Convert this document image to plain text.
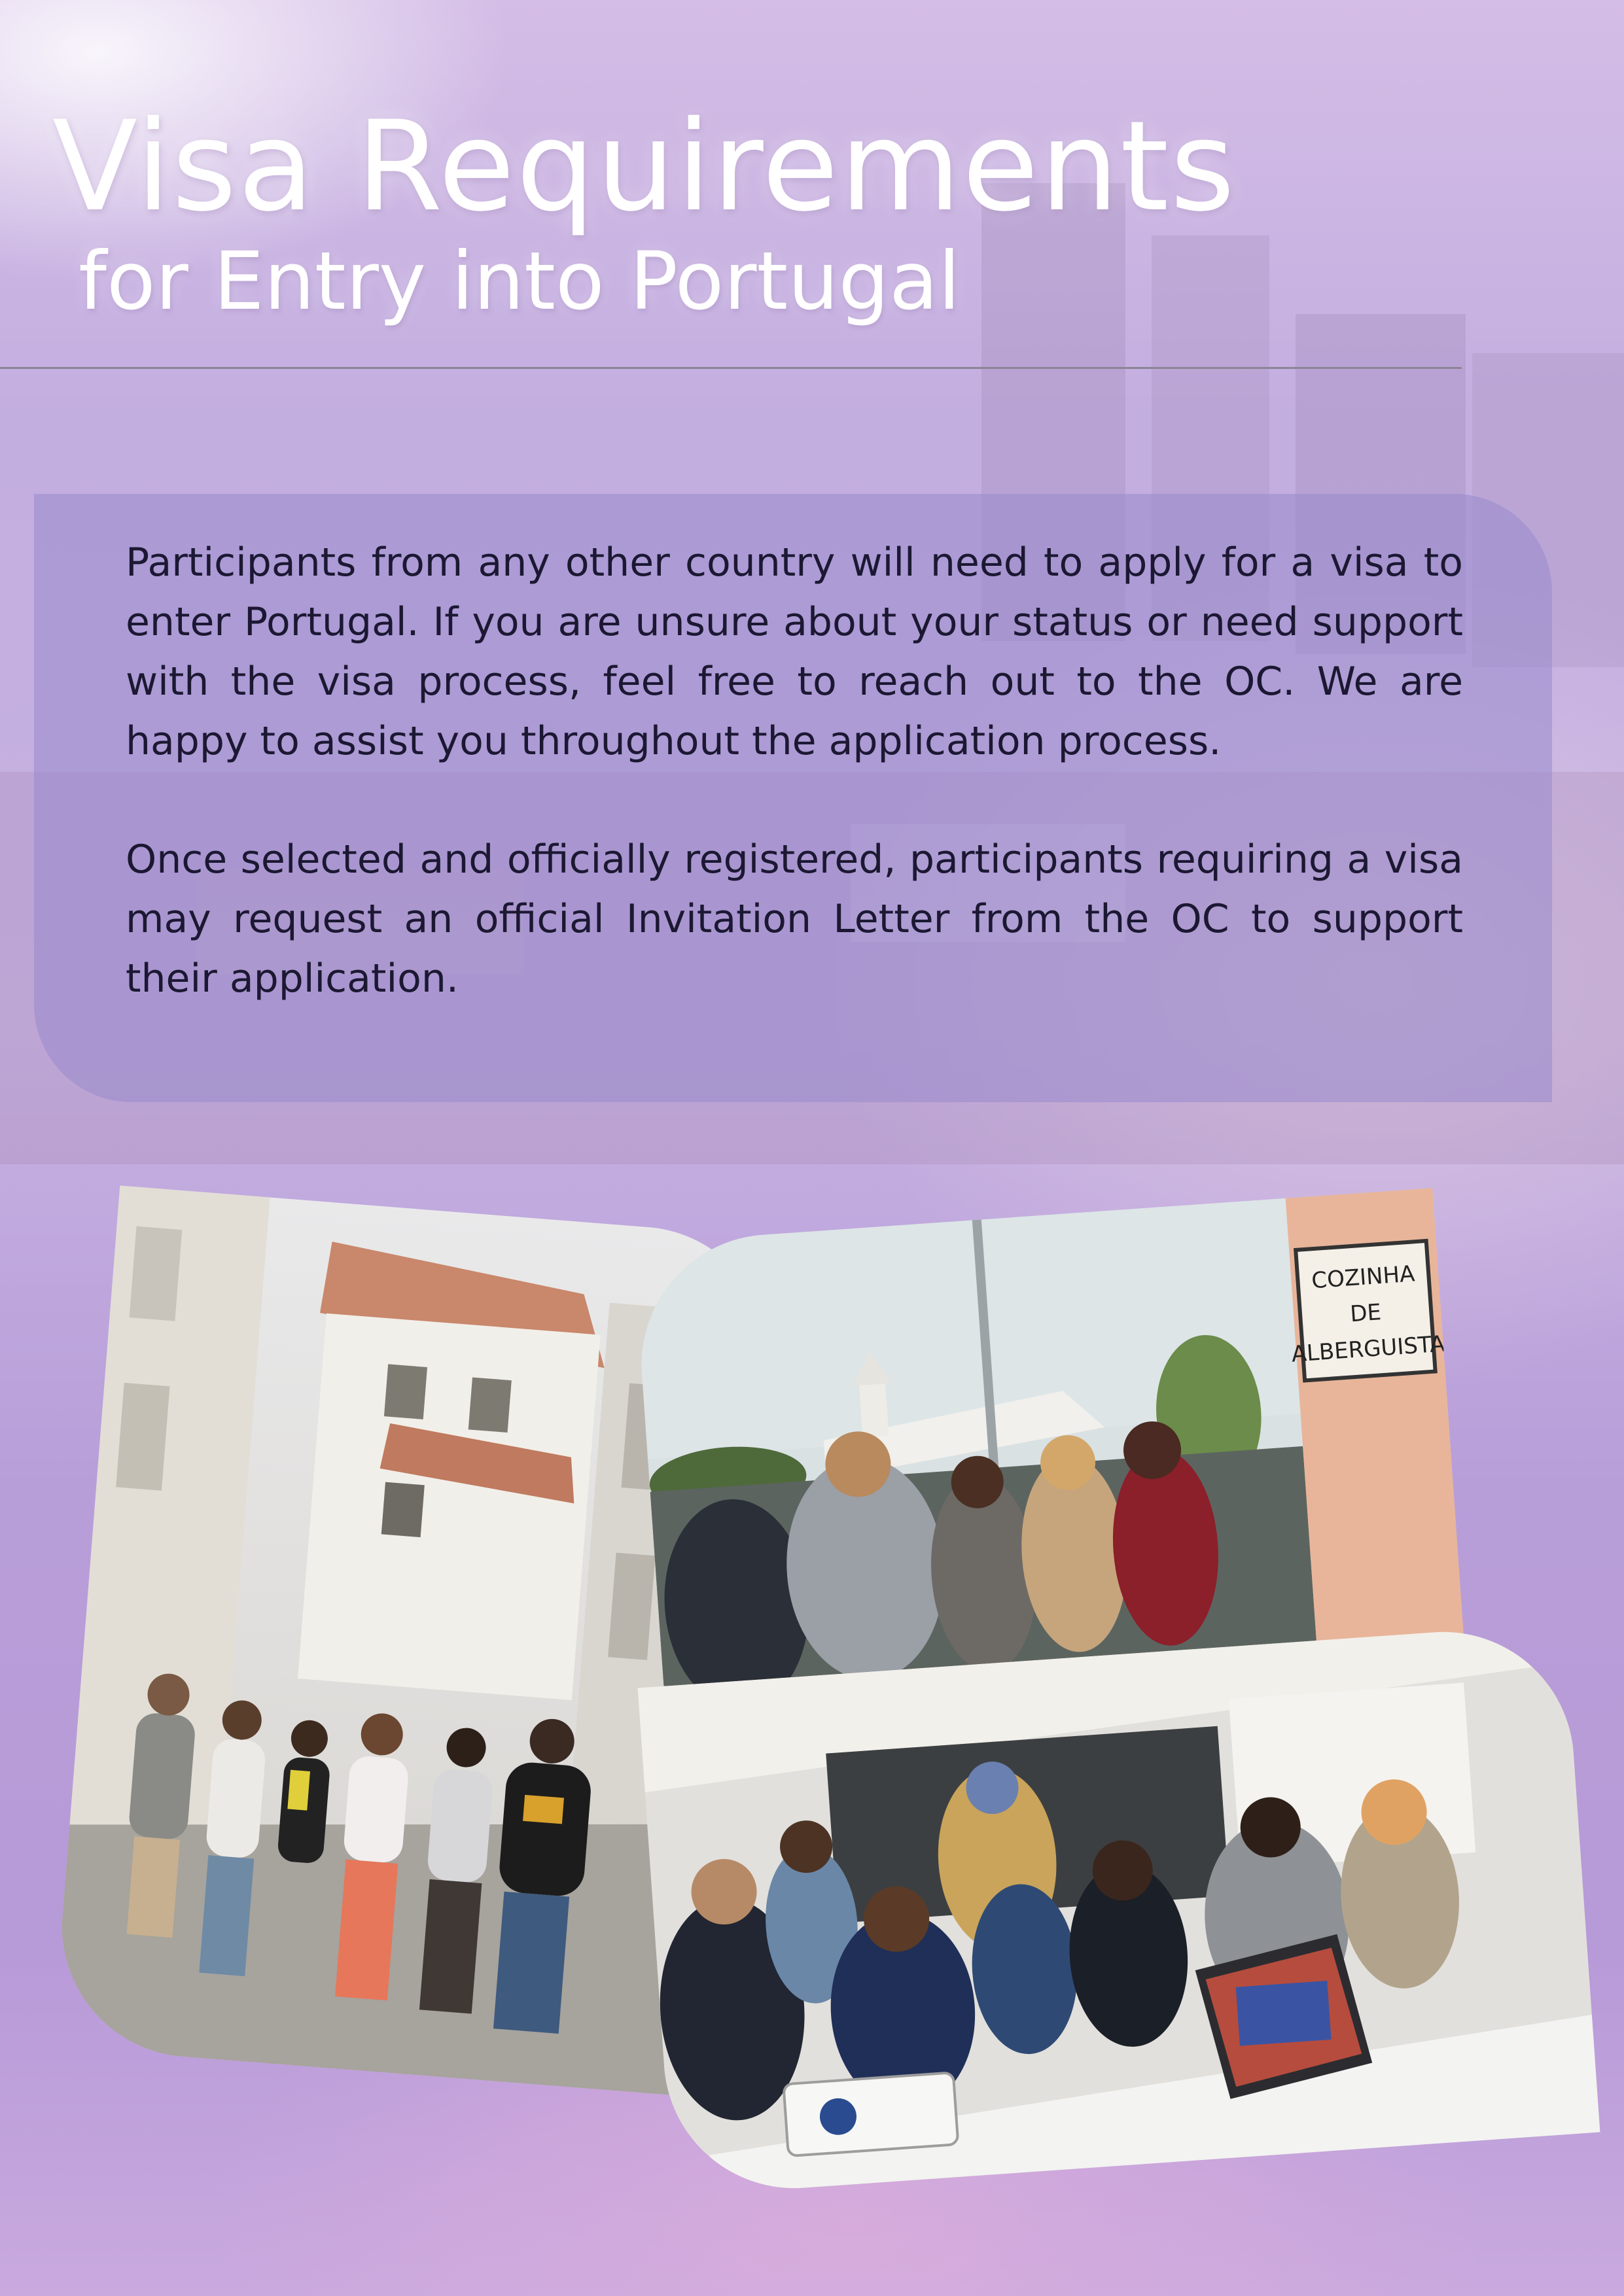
Visa Requirements
for Entry into Portugal

Participants from any other country will need to apply for a visa to enter Portugal. If you are unsure about your status or need support with the visa process, feel free to reach out to the OC. We are happy to assist you throughout the application process.

Once selected and officially registered, participants requiring a visa may request an official Invitation Letter from the OC to support their application.

COZINHA
DE
ALBERGUISTA
